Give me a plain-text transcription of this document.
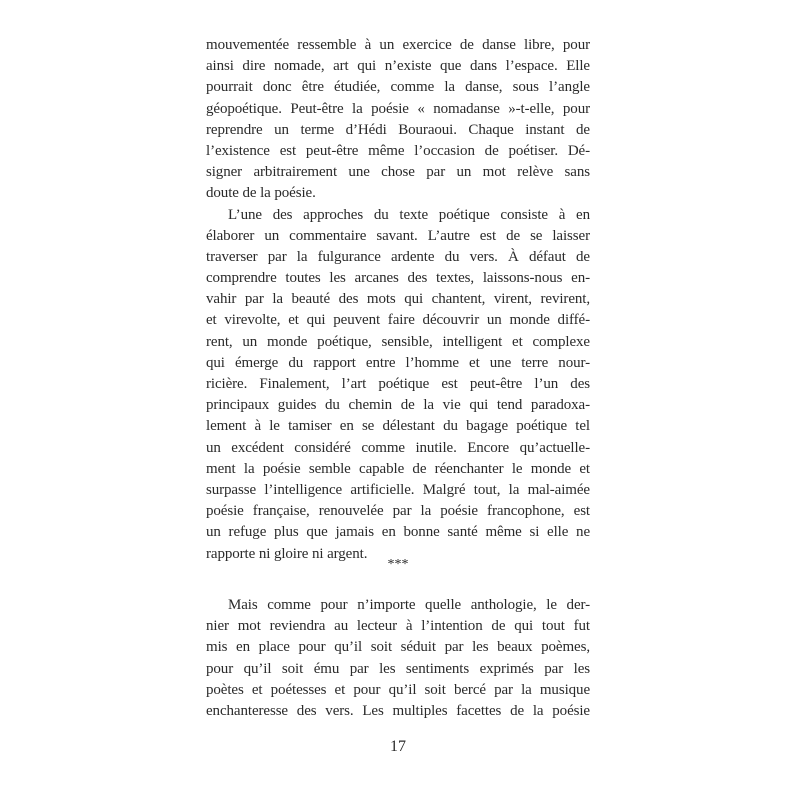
mouvementée ressemble à un exercice de danse libre, pour
ainsi dire nomade, art qui n’existe que dans l’espace. Elle
pourrait donc être étudiée, comme la danse, sous l’angle
géopoétique. Peut-être la poésie « nomadanse »-t-elle, pour
reprendre un terme d’Hédi Bouraoui. Chaque instant de
l’existence est peut-être même l’occasion de poétiser. Dé-
signer arbitrairement une chose par un mot relève sans
doute de la poésie.
L’une des approches du texte poétique consiste à en
élaborer un commentaire savant. L’autre est de se laisser
traverser par la fulgurance ardente du vers. À défaut de
comprendre toutes les arcanes des textes, laissons-nous en-
vahir par la beauté des mots qui chantent, virent, revirent,
et virevolte, et qui peuvent faire découvrir un monde diffé-
rent, un monde poétique, sensible, intelligent et complexe
qui émerge du rapport entre l’homme et une terre nour-
ricière. Finalement, l’art poétique est peut-être l’un des
principaux guides du chemin de la vie qui tend paradoxa-
lement à le tamiser en se délestant du bagage poétique tel
un excédent considéré comme inutile. Encore qu’actuelle-
ment la poésie semble capable de réenchanter le monde et
surpasse l’intelligence artificielle. Malgré tout, la mal-aimée
poésie française, renouvelée par la poésie francophone, est
un refuge plus que jamais en bonne santé même si elle ne
rapporte ni gloire ni argent.
***
Mais comme pour n’importe quelle anthologie, le der-
nier mot reviendra au lecteur à l’intention de qui tout fut
mis en place pour qu’il soit séduit par les beaux poèmes,
pour qu’il soit ému par les sentiments exprimés par les
poètes et poétesses et pour qu’il soit bercé par la musique
enchanteresse des vers. Les multiples facettes de la poésie
17
